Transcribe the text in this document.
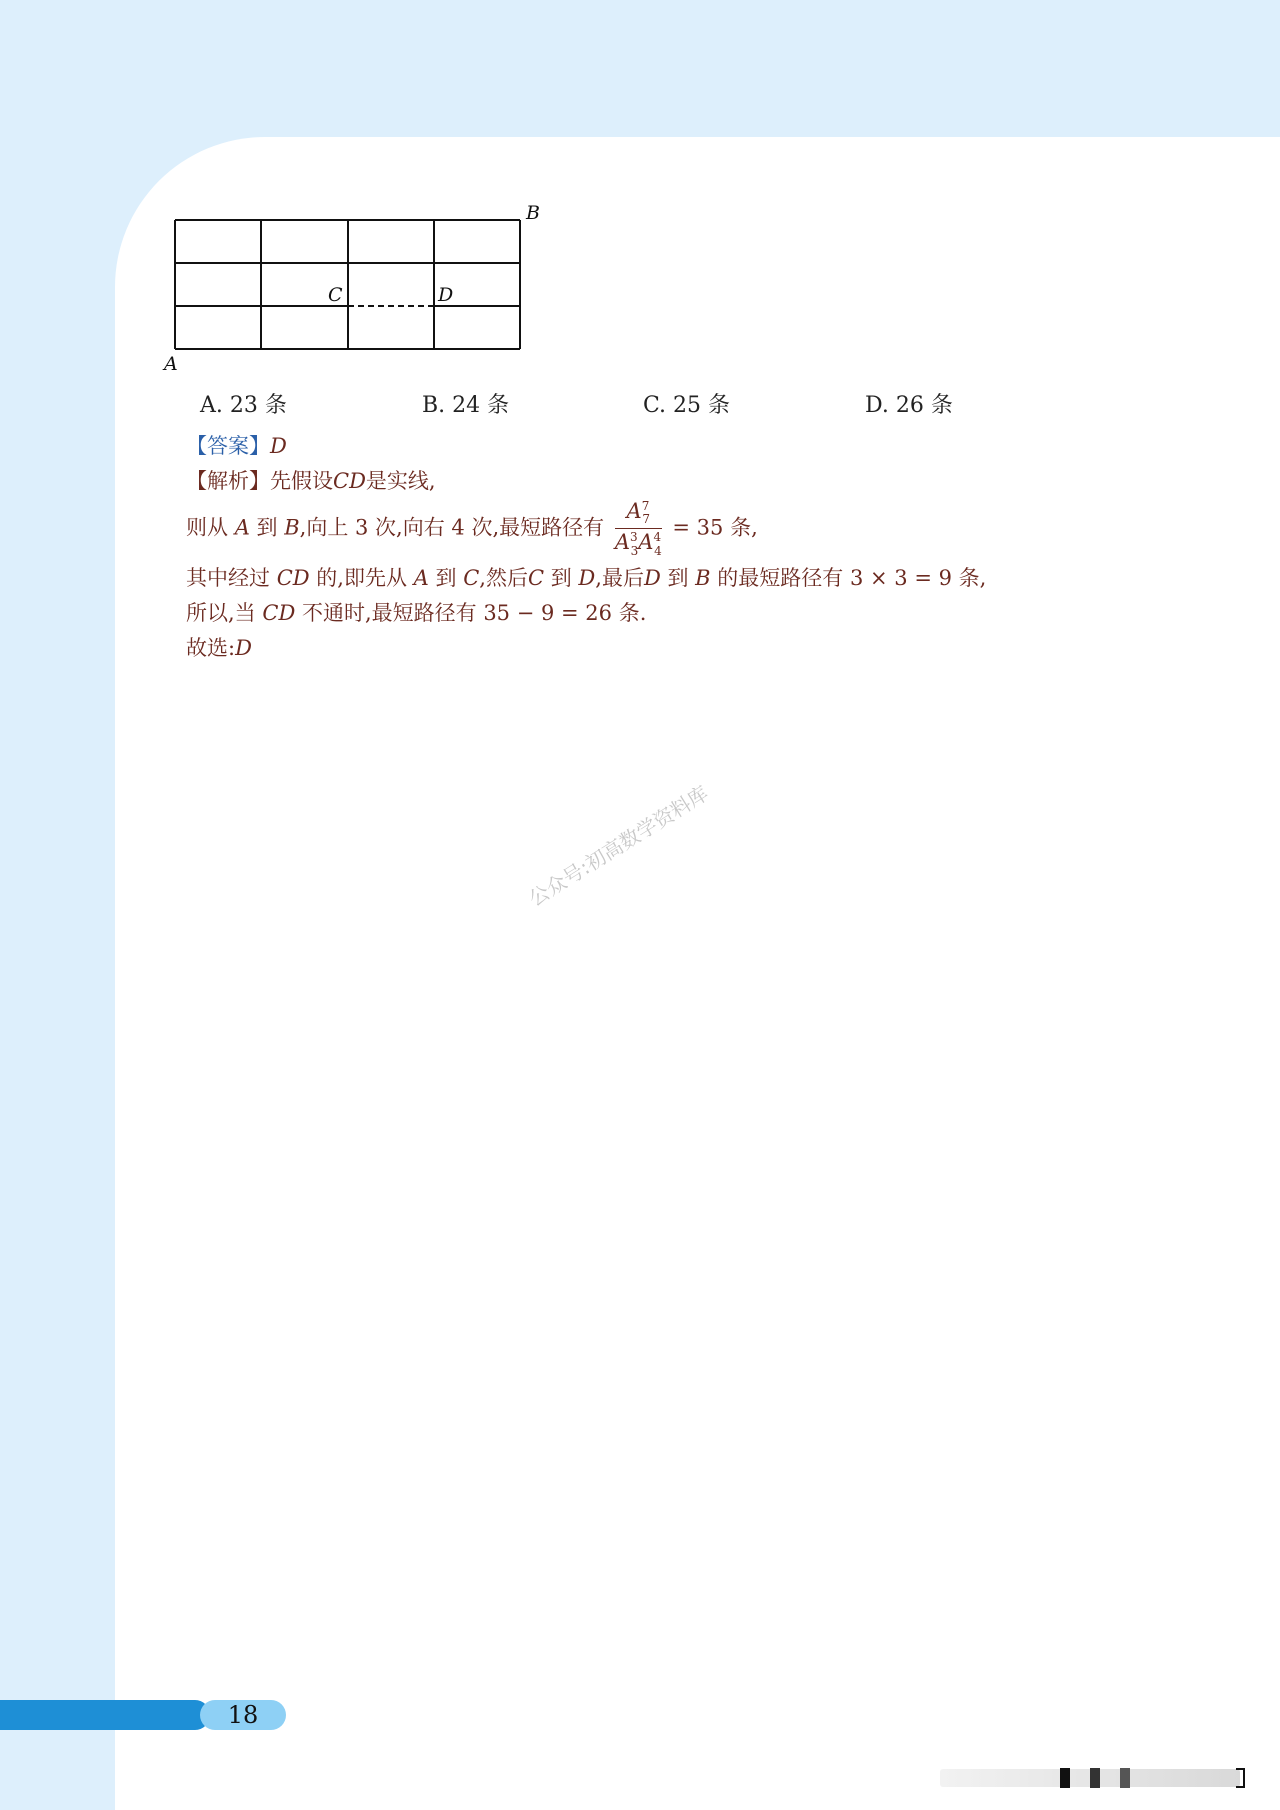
A
B
C	D
A. 23 条	B. 24 条	C. 25 条	D. 26 条
【答案】D
【解析】先假设CD是实线,
则从 A 到 B,向上 3 次,向右 4 次,最短路径有 $\frac{A^7_7}{A^3_3A^4_4} = 35$ 条,
其中经过 CD 的,即先从 A 到 C,然后C 到 D,最后D 到 B 的最短路径有 3 × 3 = 9 条,
所以,当 CD 不通时,最短路径有 35 − 9 = 26 条.
故选:D
公众号:初高数学资料库
18
